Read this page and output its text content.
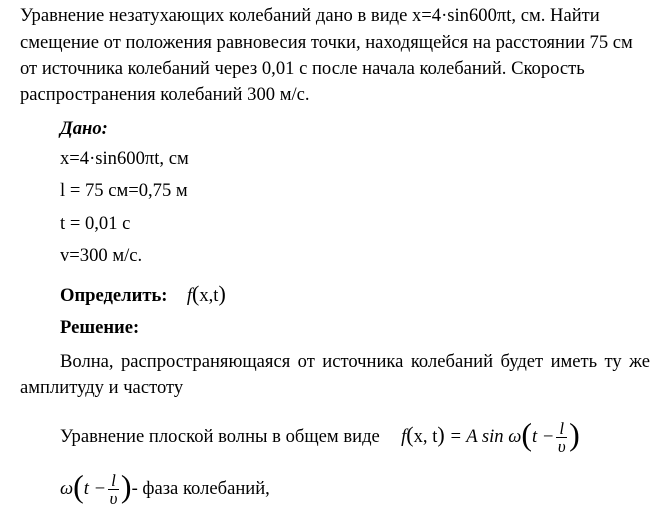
Уравнение незатухающих колебаний дано в виде x=4·sin600πt, см. Найти
смещение от положения равновесия точки, находящейся на расстоянии 75 см
от источника колебаний через 0,01 с после начала колебаний. Скорость
распространения колебаний 300 м/с.
Дано:
x=4·sin600πt, см
l = 75 см=0,75 м
t = 0,01 с
v=300 м/с.
Определить: f(x,t)
Решение:
Волна, распространяющаяся от источника колебаний будет иметь ту же
амплитуду и частоту
Уравнение плоской волны в общем виде f(x, t) = A $\sin \omega(t - \frac{l}{\upsilon}$ )
$\omega(t - \frac{l}{\upsilon}$ )- фаза колебаний,
